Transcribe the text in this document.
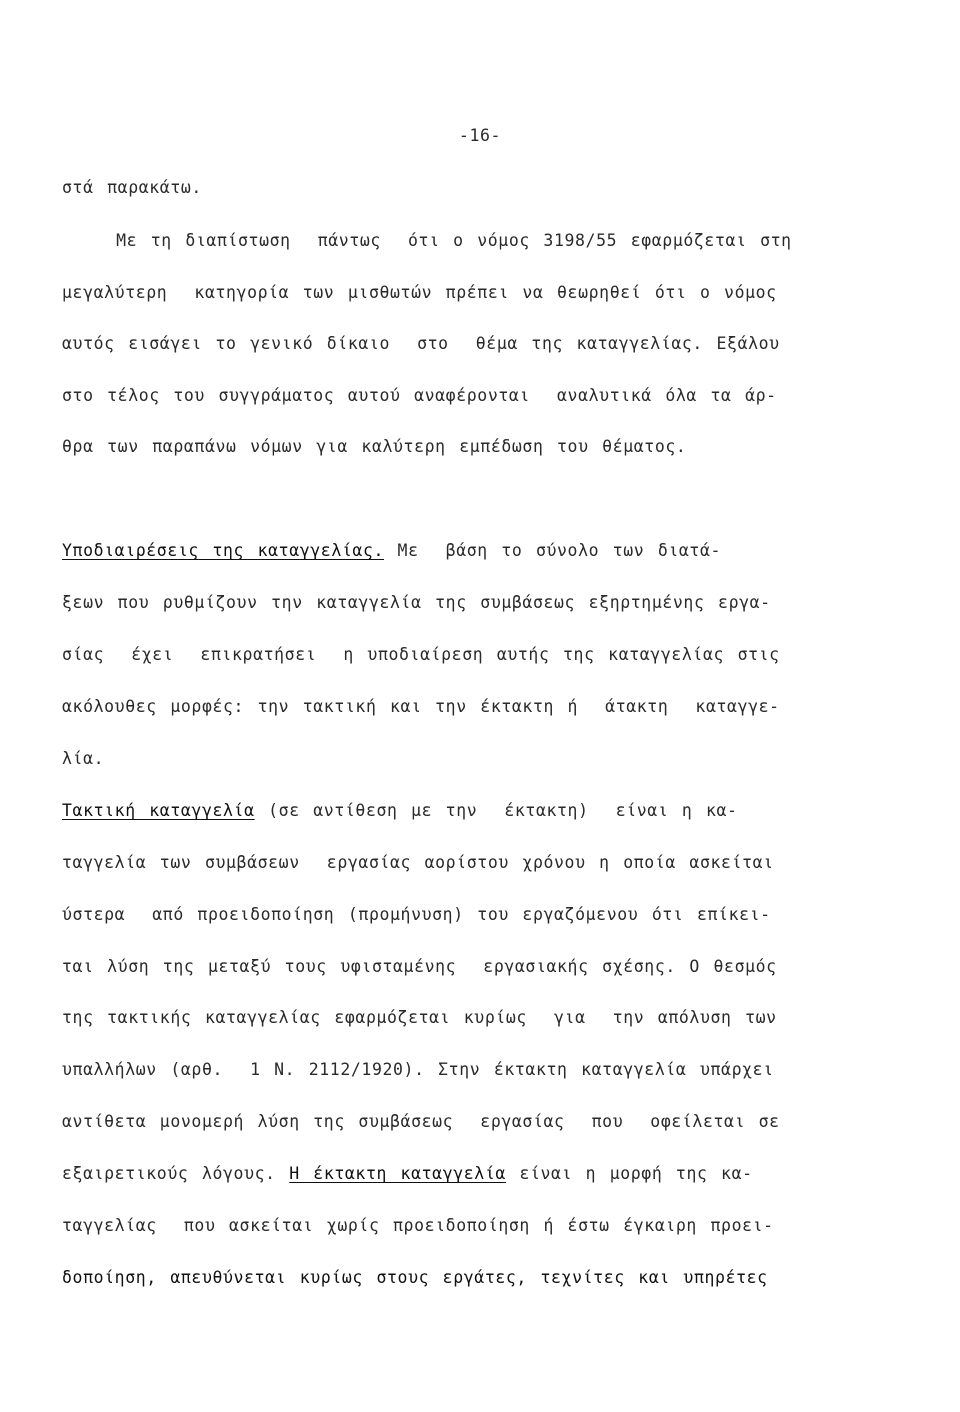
-16-
στά παρακάτω.
Με τη διαπίστωση  πάντως  ότι ο νόμος 3198/55 εφαρμόζεται στη
μεγαλύτερη  κατηγορία των μισθωτών πρέπει να θεωρηθεί ότι ο νόμος
αυτός εισάγει το γενικό δίκαιο  στο  θέμα της καταγγελίας. Εξάλου
στο τέλος του συγγράματος αυτού αναφέρονται  αναλυτικά όλα τα άρ-
θρα των παραπάνω νόμων για καλύτερη εμπέδωση του θέματος.
Υποδιαιρέσεις της καταγγελίας. Με  βάση το σύνολο των διατά-
ξεων που ρυθμίζουν την καταγγελία της συμβάσεως εξηρτημένης εργα-
σίας  έχει  επικρατήσει  η υποδιαίρεση αυτής της καταγγελίας στις
ακόλουθες μορφές: την τακτική και την έκτακτη ή  άτακτη  καταγγε-
λία.
Τακτική καταγγελία (σε αντίθεση με την  έκτακτη)  είναι η κα-
ταγγελία των συμβάσεων  εργασίας αορίστου χρόνου η οποία ασκείται
ύστερα  από προειδοποίηση (προμήνυση) του εργαζόμενου ότι επίκει-
ται λύση της μεταξύ τους υφισταμένης  εργασιακής σχέσης. Ο θεσμός
της τακτικής καταγγελίας εφαρμόζεται κυρίως  για  την απόλυση των
υπαλλήλων (αρθ.  1 Ν. 2112/1920). Στην έκτακτη καταγγελία υπάρχει
αντίθετα μονομερή λύση της συμβάσεως  εργασίας  που  οφείλεται σε
εξαιρετικούς λόγους. Η έκτακτη καταγγελία είναι η μορφή της κα-
ταγγελίας  που ασκείται χωρίς προειδοποίηση ή έστω έγκαιρη προει-
δοποίηση, απευθύνεται κυρίως στους εργάτες, τεχνίτες και υπηρέτες
